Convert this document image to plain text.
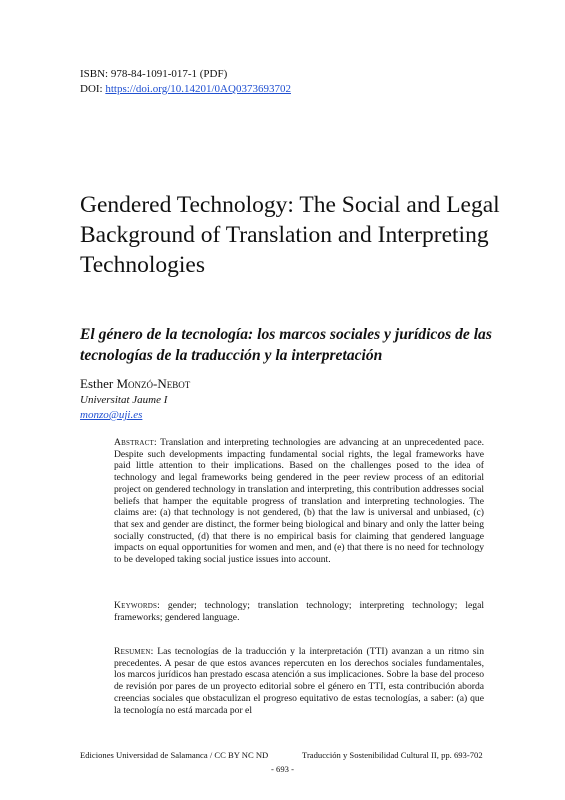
ISBN: 978-84-1091-017-1 (PDF)
DOI: https://doi.org/10.14201/0AQ0373693702
Gendered Technology: The Social and Legal Background of Translation and Interpreting Technologies
El género de la tecnología: los marcos sociales y jurídicos de las tecnologías de la traducción y la interpretación
Esther Monzó-Nebot
Universitat Jaume I
monzo@uji.es

Abstract: Translation and interpreting technologies are advancing at an unprecedented pace. Despite such developments impacting fundamental social rights, the legal frameworks have paid little attention to their implications. Based on the challenges posed to the idea of technology and legal frameworks being gendered in the peer review process of an editorial project on gendered technology in translation and interpreting, this contribution addresses social beliefs that hamper the equitable progress of translation and interpreting technologies. The claims are: (a) that technology is not gendered, (b) that the law is universal and unbiased, (c) that sex and gender are distinct, the former being biological and binary and only the latter being socially constructed, (d) that there is no empirical basis for claiming that gendered language impacts on equal opportunities for women and men, and (e) that there is no need for technology to be developed taking social justice issues into account.

Keywords: gender; technology; translation technology; interpreting technology; legal frameworks; gendered language.

Resumen: Las tecnologías de la traducción y la interpretación (TTI) avanzan a un ritmo sin precedentes. A pesar de que estos avances repercuten en los derechos sociales fundamentales, los marcos jurídicos han prestado escasa atención a sus implicaciones. Sobre la base del proceso de revisión por pares de un proyecto editorial sobre el género en TTI, esta contribución aborda creencias sociales que obstaculizan el progreso equitativo de estas tecnologías, a saber: (a) que la tecnología no está marcada por el

Ediciones Universidad de Salamanca / CC BY NC ND	Traducción y Sostenibilidad Cultural II, pp. 693-702
- 693 -
